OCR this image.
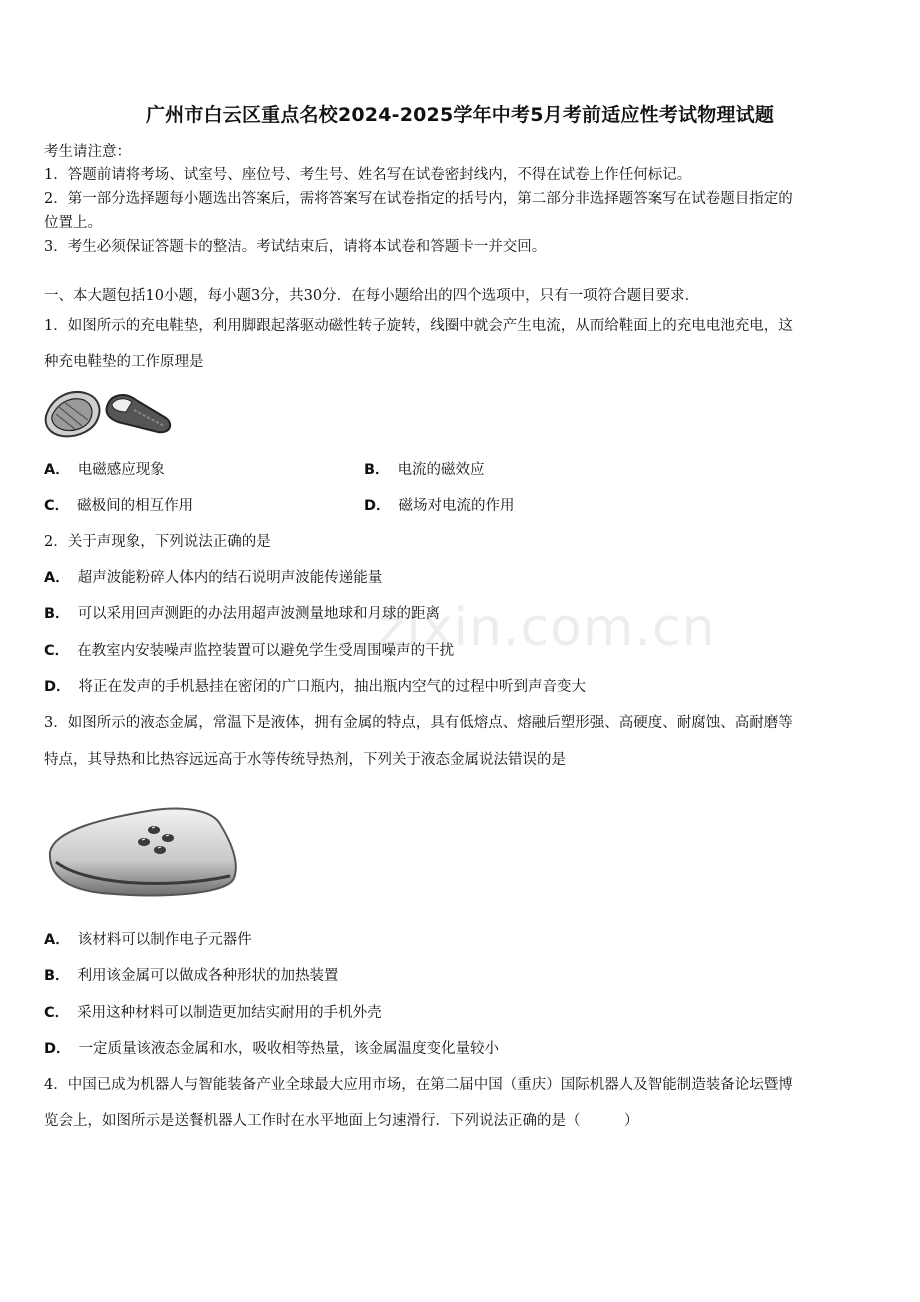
广州市白云区重点名校2024-2025学年中考5月考前适应性考试物理试题
考生请注意：
1．答题前请将考场、试室号、座位号、考生号、姓名写在试卷密封线内，不得在试卷上作任何标记。
2．第一部分选择题每小题选出答案后，需将答案写在试卷指定的括号内，第二部分非选择题答案写在试卷题目指定的
位置上。
3．考生必须保证答题卡的整洁。考试结束后，请将本试卷和答题卡一并交回。
一、本大题包括10小题，每小题3分，共30分．在每小题给出的四个选项中，只有一项符合题目要求．
1．如图所示的充电鞋垫，利用脚跟起落驱动磁性转子旋转，线圈中就会产生电流，从而给鞋面上的充电电池充电，这
种充电鞋垫的工作原理是
A． 电磁感应现象	B． 电流的磁效应
C． 磁极间的相互作用	D． 磁场对电流的作用
2．关于声现象，下列说法正确的是
A． 超声波能粉碎人体内的结石说明声波能传递能量
B． 可以采用回声测距的办法用超声波测量地球和月球的距离
C． 在教室内安装噪声监控装置可以避免学生受周围噪声的干扰
D． 将正在发声的手机悬挂在密闭的广口瓶内，抽出瓶内空气的过程中听到声音变大
zixin.com.cn
3．如图所示的液态金属，常温下是液体，拥有金属的特点，具有低熔点、熔融后塑形强、高硬度、耐腐蚀、高耐磨等
特点，其导热和比热容远远高于水等传统导热剂，下列关于液态金属说法错误的是
A． 该材料可以制作电子元器件
B． 利用该金属可以做成各种形状的加热装置
C． 采用这种材料可以制造更加结实耐用的手机外壳
D． 一定质量该液态金属和水，吸收相等热量，该金属温度变化量较小
4．中国已成为机器人与智能装备产业全球最大应用市场，在第二届中国（重庆）国际机器人及智能制造装备论坛暨博
览会上，如图所示是送餐机器人工作时在水平地面上匀速滑行．下列说法正确的是（　　　）
